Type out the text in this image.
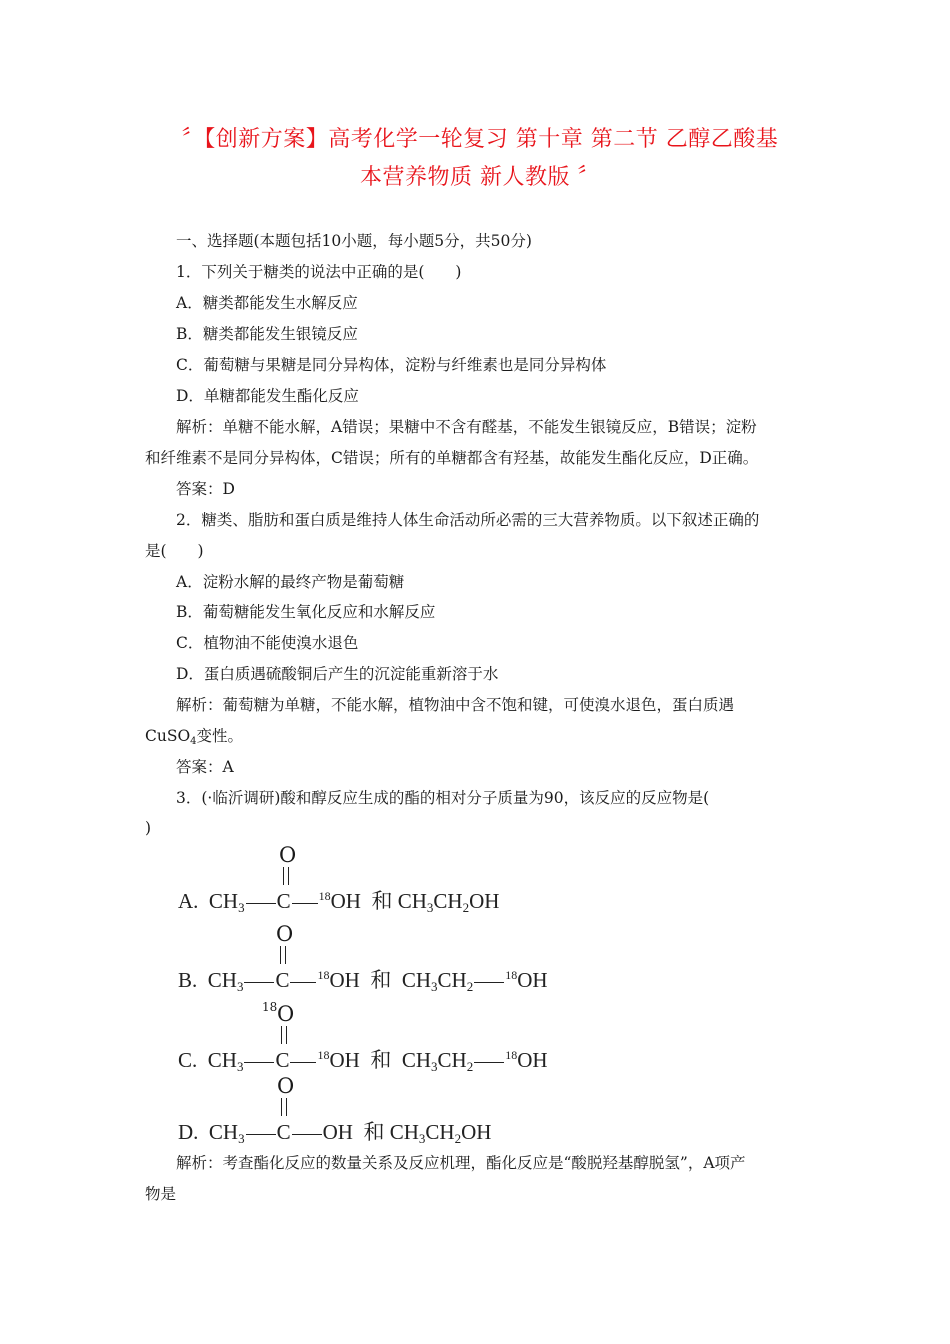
〞【创新方案】高考化学一轮复习 第十章 第二节 乙醇乙酸基
本营养物质 新人教版 〞
一、选择题(本题包括10小题，每小题5分，共50分)
1．下列关于糖类的说法中正确的是(　　)
A．糖类都能发生水解反应
B．糖类都能发生银镜反应
C．葡萄糖与果糖是同分异构体，淀粉与纤维素也是同分异构体
D．单糖都能发生酯化反应
解析：单糖不能水解，A错误；果糖中不含有醛基，不能发生银镜反应，B错误；淀粉
和纤维素不是同分异构体，C错误；所有的单糖都含有羟基，故能发生酯化反应，D正确。
答案：D
2．糖类、脂肪和蛋白质是维持人体生命活动所必需的三大营养物质。以下叙述正确的
是(　　)
A．淀粉水解的最终产物是葡萄糖
B．葡萄糖能发生氧化反应和水解反应
C．植物油不能使溴水退色
D．蛋白质遇硫酸铜后产生的沉淀能重新溶于水
解析：葡萄糖为单糖，不能水解，植物油中含不饱和键，可使溴水退色，蛋白质遇
CuSO$_4$变性。
答案：A
3．(·临沂调研)酸和醇反应生成的酯的相对分子质量为90，该反应的反应物是(
)
O
A. $CH_3$ C $^{18}$OH 和 $CH_3CH_2OH$
O
B. $CH_3$ C $^{18}$OH 和 $CH_3CH_2^{18}OH$
18 O
C. $CH_3$ C $^{18}$OH 和 $CH_3CH_2^{18}OH$
O
D. $CH_3$ C OH 和 $CH_3CH_2OH$
解析：考查酯化反应的数量关系及反应机理，酯化反应是“酸脱羟基醇脱氢”，A项产
物是
